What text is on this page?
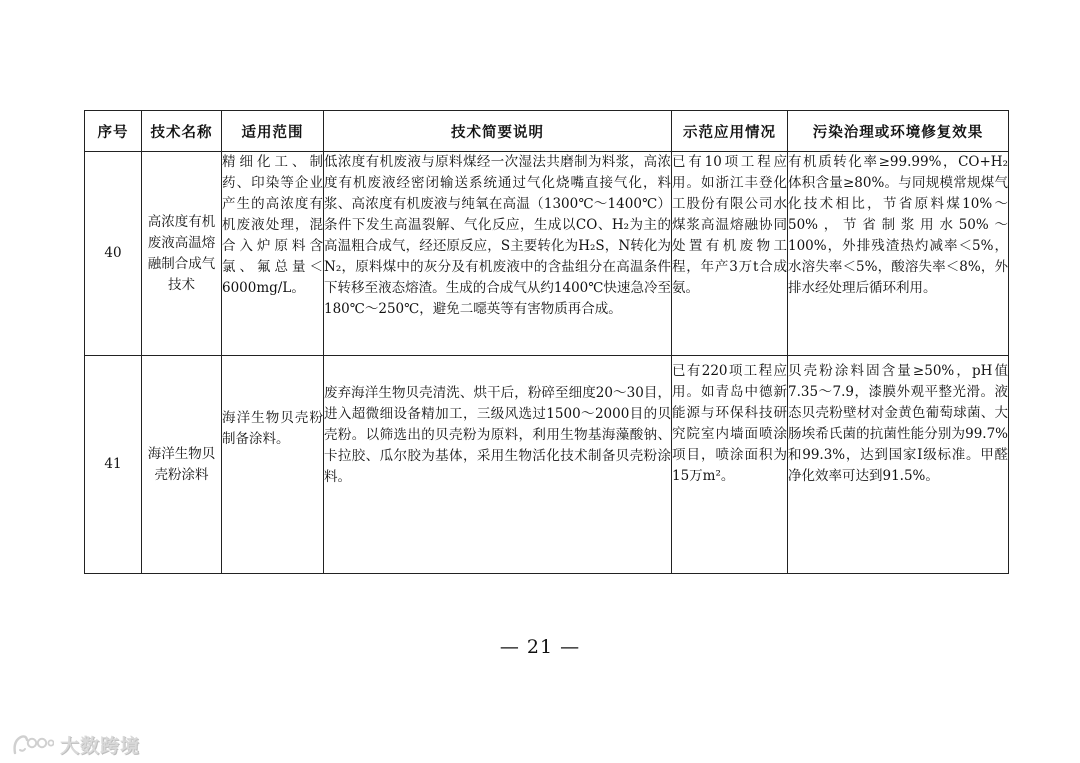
序号	技术名称	适用范围	技术简要说明	示范应用情况	污染治理或环境修复效果
40	高浓度有机废液高温熔融制合成气技术	精细化工、制药、印染等企业产生的高浓度有机废液处理，混合入炉原料含氯、氟总量＜6000mg/L。	低浓度有机废液与原料煤经一次湿法共磨制为料浆，高浓度有机废液经密闭输送系统通过气化烧嘴直接气化，料浆、高浓度有机废液与纯氧在高温（1300℃～1400℃）条件下发生高温裂解、气化反应，生成以CO、H₂为主的高温粗合成气，经还原反应，S主要转化为H₂S，N转化为N₂，原料煤中的灰分及有机废液中的含盐组分在高温条件下转移至液态熔渣。生成的合成气从约1400℃快速急冷至180℃～250℃，避免二噁英等有害物质再合成。	已有10项工程应用。如浙江丰登化工股份有限公司水煤浆高温熔融协同处置有机废物工程，年产3万t合成氨。	有机质转化率≥99.99%，CO+H₂体积含量≥80%。与同规模常规煤气化技术相比，节省原料煤10%～50%，节省制浆用水50%～100%，外排残渣热灼减率＜5%，水溶失率＜5%，酸溶失率＜8%，外排水经处理后循环利用。
41	海洋生物贝壳粉涂料	海洋生物贝壳粉制备涂料。	废弃海洋生物贝壳清洗、烘干后，粉碎至细度20～30目，进入超微细设备精加工，三级风选过1500～2000目的贝壳粉。以筛选出的贝壳粉为原料，利用生物基海藻酸钠、卡拉胶、瓜尔胶为基体，采用生物活化技术制备贝壳粉涂料。	已有220项工程应用。如青岛中德新能源与环保科技研究院室内墙面喷涂项目，喷涂面积为15万m²。	贝壳粉涂料固含量≥50%，pH值7.35～7.9，漆膜外观平整光滑。液态贝壳粉壁材对金黄色葡萄球菌、大肠埃希氏菌的抗菌性能分别为99.7%和99.3%，达到国家I级标准。甲醛净化效率可达到91.5%。
— 21 —
大数跨境
